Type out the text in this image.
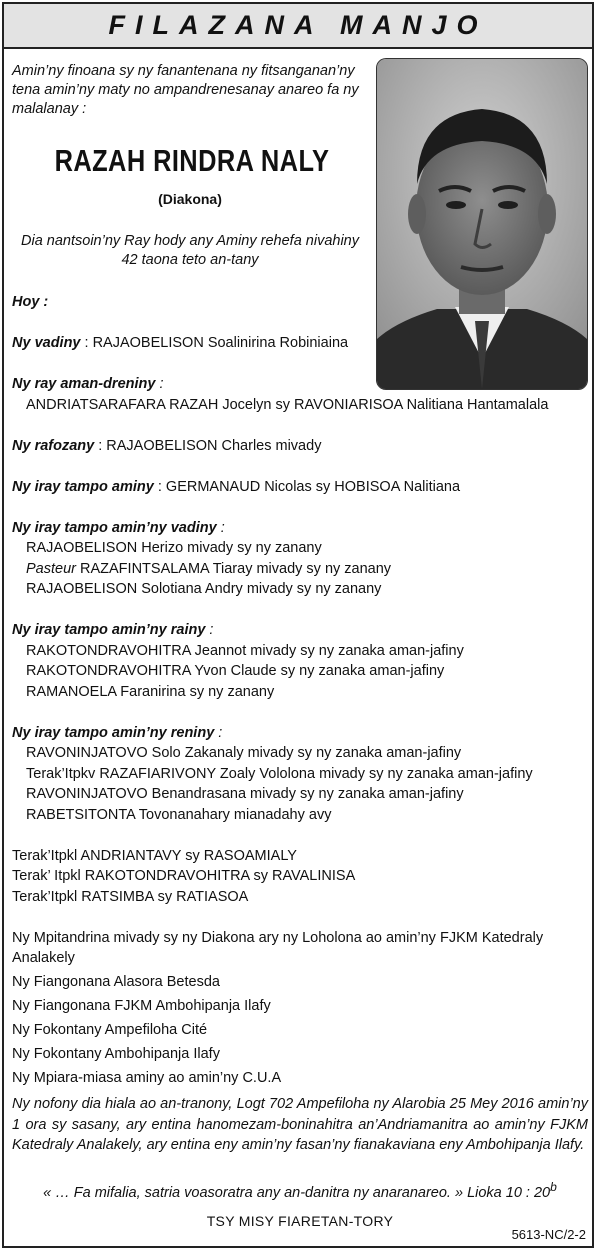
FILAZANA MANJO
Amin’ny finoana sy ny fanantenana ny fitsanganan’ny tena amin’ny maty no ampandrenesanay anareo fa ny malalanay :
RAZAH RINDRA NALY
(Diakona)
Dia nantsoin’ny Ray hody any Aminy rehefa nivahiny
42 taona teto an-tany

Hoy :

Ny vadiny : RAJAOBELISON Soalinirina Robiniaina

Ny ray aman-dreniny :

ANDRIATSARAFARA RAZAH Jocelyn sy RAVONIARISOA Nalitiana Hantamalala

Ny rafozany : RAJAOBELISON Charles mivady

Ny iray tampo aminy : GERMANAUD Nicolas sy HOBISOA Nalitiana

Ny iray tampo amin’ny vadiny :

RAJAOBELISON Herizo mivady sy ny zanany

Pasteur RAZAFINTSALAMA Tiaray mivady sy ny zanany

RAJAOBELISON Solotiana Andry mivady sy ny zanany

Ny iray tampo amin’ny rainy :

RAKOTONDRAVOHITRA Jeannot mivady sy ny zanaka aman-jafiny

RAKOTONDRAVOHITRA Yvon Claude sy ny zanaka aman-jafiny

RAMANOELA Faranirina sy ny zanany

Ny iray tampo amin’ny reniny :

RAVONINJATOVO Solo Zakanaly mivady sy ny zanaka aman-jafiny

Terak’Itpkv RAZAFIARIVONY Zoaly Vololona mivady sy ny zanaka aman-jafiny

RAVONINJATOVO Benandrasana mivady sy ny zanaka aman-jafiny

RABETSITONTA Tovonanahary mianadahy avy

Terak’Itpkl ANDRIANTAVY sy RASOAMIALY

Terak’ Itpkl RAKOTONDRAVOHITRA sy RAVALINISA

Terak’Itpkl RATSIMBA sy RATIASOA

Ny Mpitandrina mivady sy ny Diakona ary ny Loholona ao amin’ny FJKM Katedraly Analakely

Ny Fiangonana Alasora Betesda

Ny Fiangonana FJKM Ambohipanja Ilafy

Ny Fokontany Ampefiloha Cité

Ny Fokontany Ambohipanja Ilafy

Ny Mpiara-miasa aminy ao amin’ny C.U.A

Ny nofony dia hiala ao an-tranony, Logt 702 Ampefiloha ny Alarobia 25 Mey 2016 amin’ny 1 ora sy sasany, ary entina hanomezam-boninahitra an’Andriamanitra ao amin’ny FJKM Katedraly Analakely, ary entina eny amin’ny fasan’ny fianakaviana eny Ambohipanja Ilafy.
« … Fa mifalia, satria voasoratra any an-danitra ny anaranareo. » Lioka 10 : 20$^b$
TSY MISY FIARETAN-TORY
5613-NC/2-2
